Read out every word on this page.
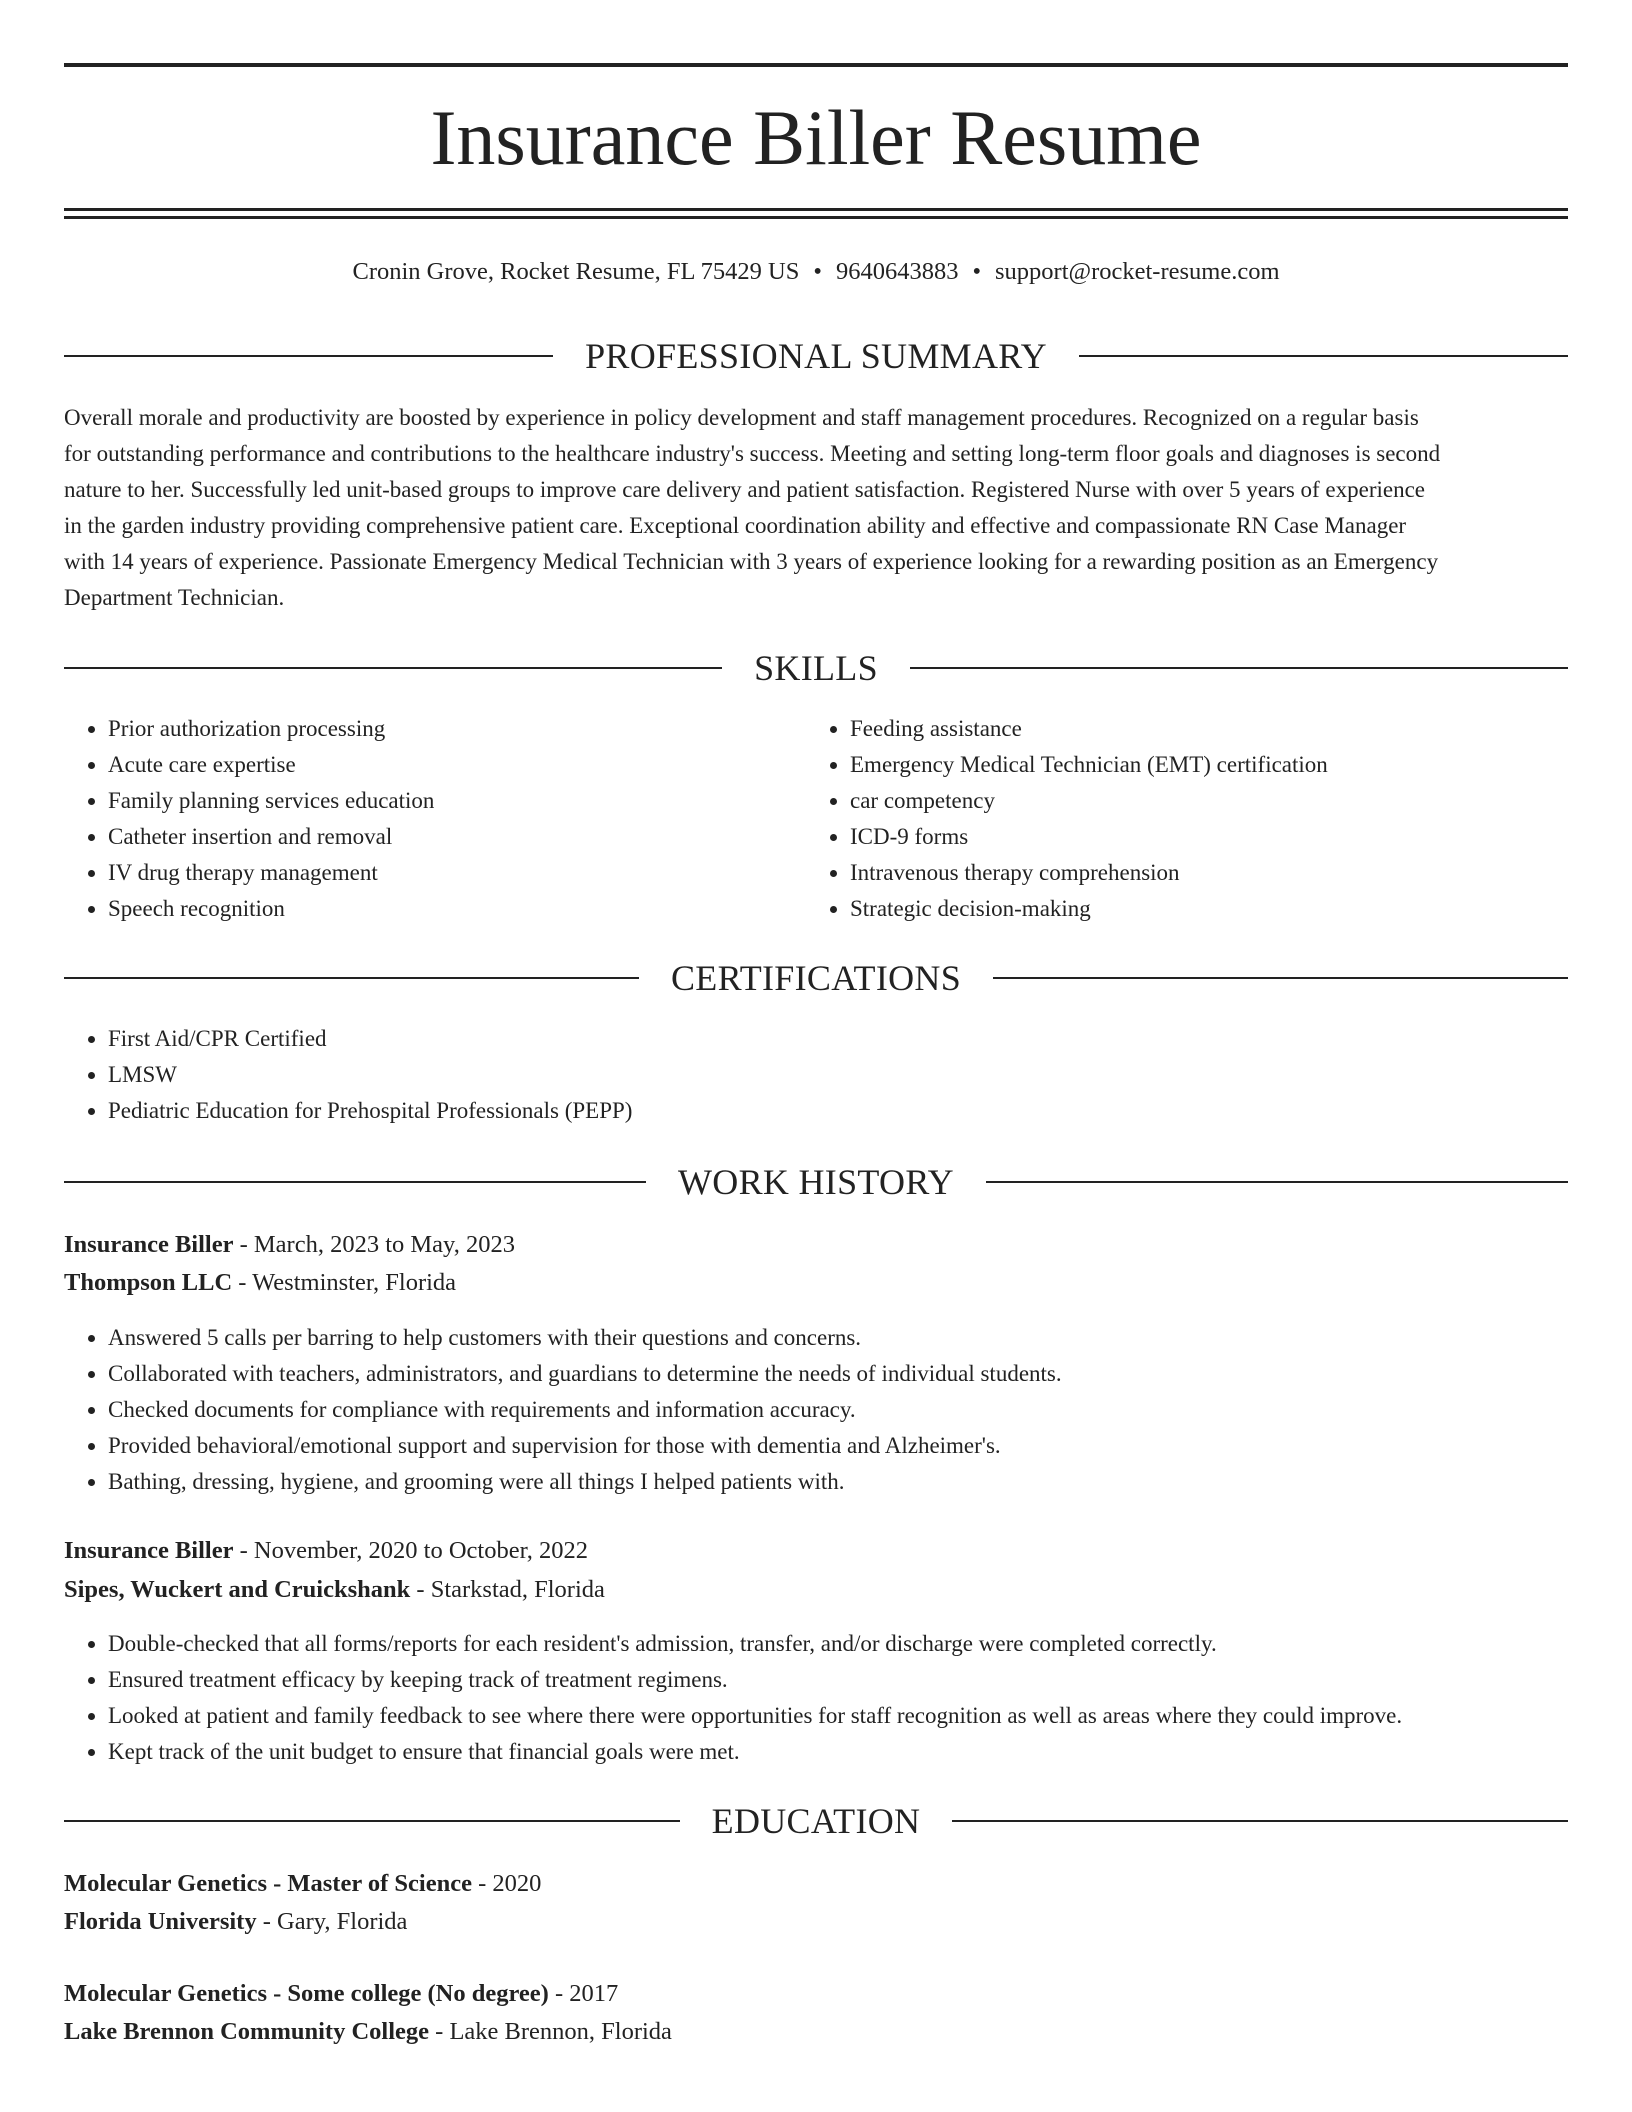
Insurance Biller Resume
Cronin Grove, Rocket Resume, FL 75429 US • 9640643883 • support@rocket-resume.com
PROFESSIONAL SUMMARY
Overall morale and productivity are boosted by experience in policy development and staff management procedures. Recognized on a regular basis
for outstanding performance and contributions to the healthcare industry's success. Meeting and setting long-term floor goals and diagnoses is second
nature to her. Successfully led unit-based groups to improve care delivery and patient satisfaction. Registered Nurse with over 5 years of experience
in the garden industry providing comprehensive patient care. Exceptional coordination ability and effective and compassionate RN Case Manager
with 14 years of experience. Passionate Emergency Medical Technician with 3 years of experience looking for a rewarding position as an Emergency
Department Technician.
SKILLS
• Prior authorization processing
• Acute care expertise
• Family planning services education
• Catheter insertion and removal
• IV drug therapy management
• Speech recognition
• Feeding assistance
• Emergency Medical Technician (EMT) certification
• car competency
• ICD-9 forms
• Intravenous therapy comprehension
• Strategic decision-making
CERTIFICATIONS
• First Aid/CPR Certified
• LMSW
• Pediatric Education for Prehospital Professionals (PEPP)
WORK HISTORY
Insurance Biller - March, 2023 to May, 2023
Thompson LLC - Westminster, Florida
• Answered 5 calls per barring to help customers with their questions and concerns.
• Collaborated with teachers, administrators, and guardians to determine the needs of individual students.
• Checked documents for compliance with requirements and information accuracy.
• Provided behavioral/emotional support and supervision for those with dementia and Alzheimer's.
• Bathing, dressing, hygiene, and grooming were all things I helped patients with.
Insurance Biller - November, 2020 to October, 2022
Sipes, Wuckert and Cruickshank - Starkstad, Florida
• Double-checked that all forms/reports for each resident's admission, transfer, and/or discharge were completed correctly.
• Ensured treatment efficacy by keeping track of treatment regimens.
• Looked at patient and family feedback to see where there were opportunities for staff recognition as well as areas where they could improve.
• Kept track of the unit budget to ensure that financial goals were met.
EDUCATION
Molecular Genetics - Master of Science - 2020
Florida University - Gary, Florida
Molecular Genetics - Some college (No degree) - 2017
Lake Brennon Community College - Lake Brennon, Florida
